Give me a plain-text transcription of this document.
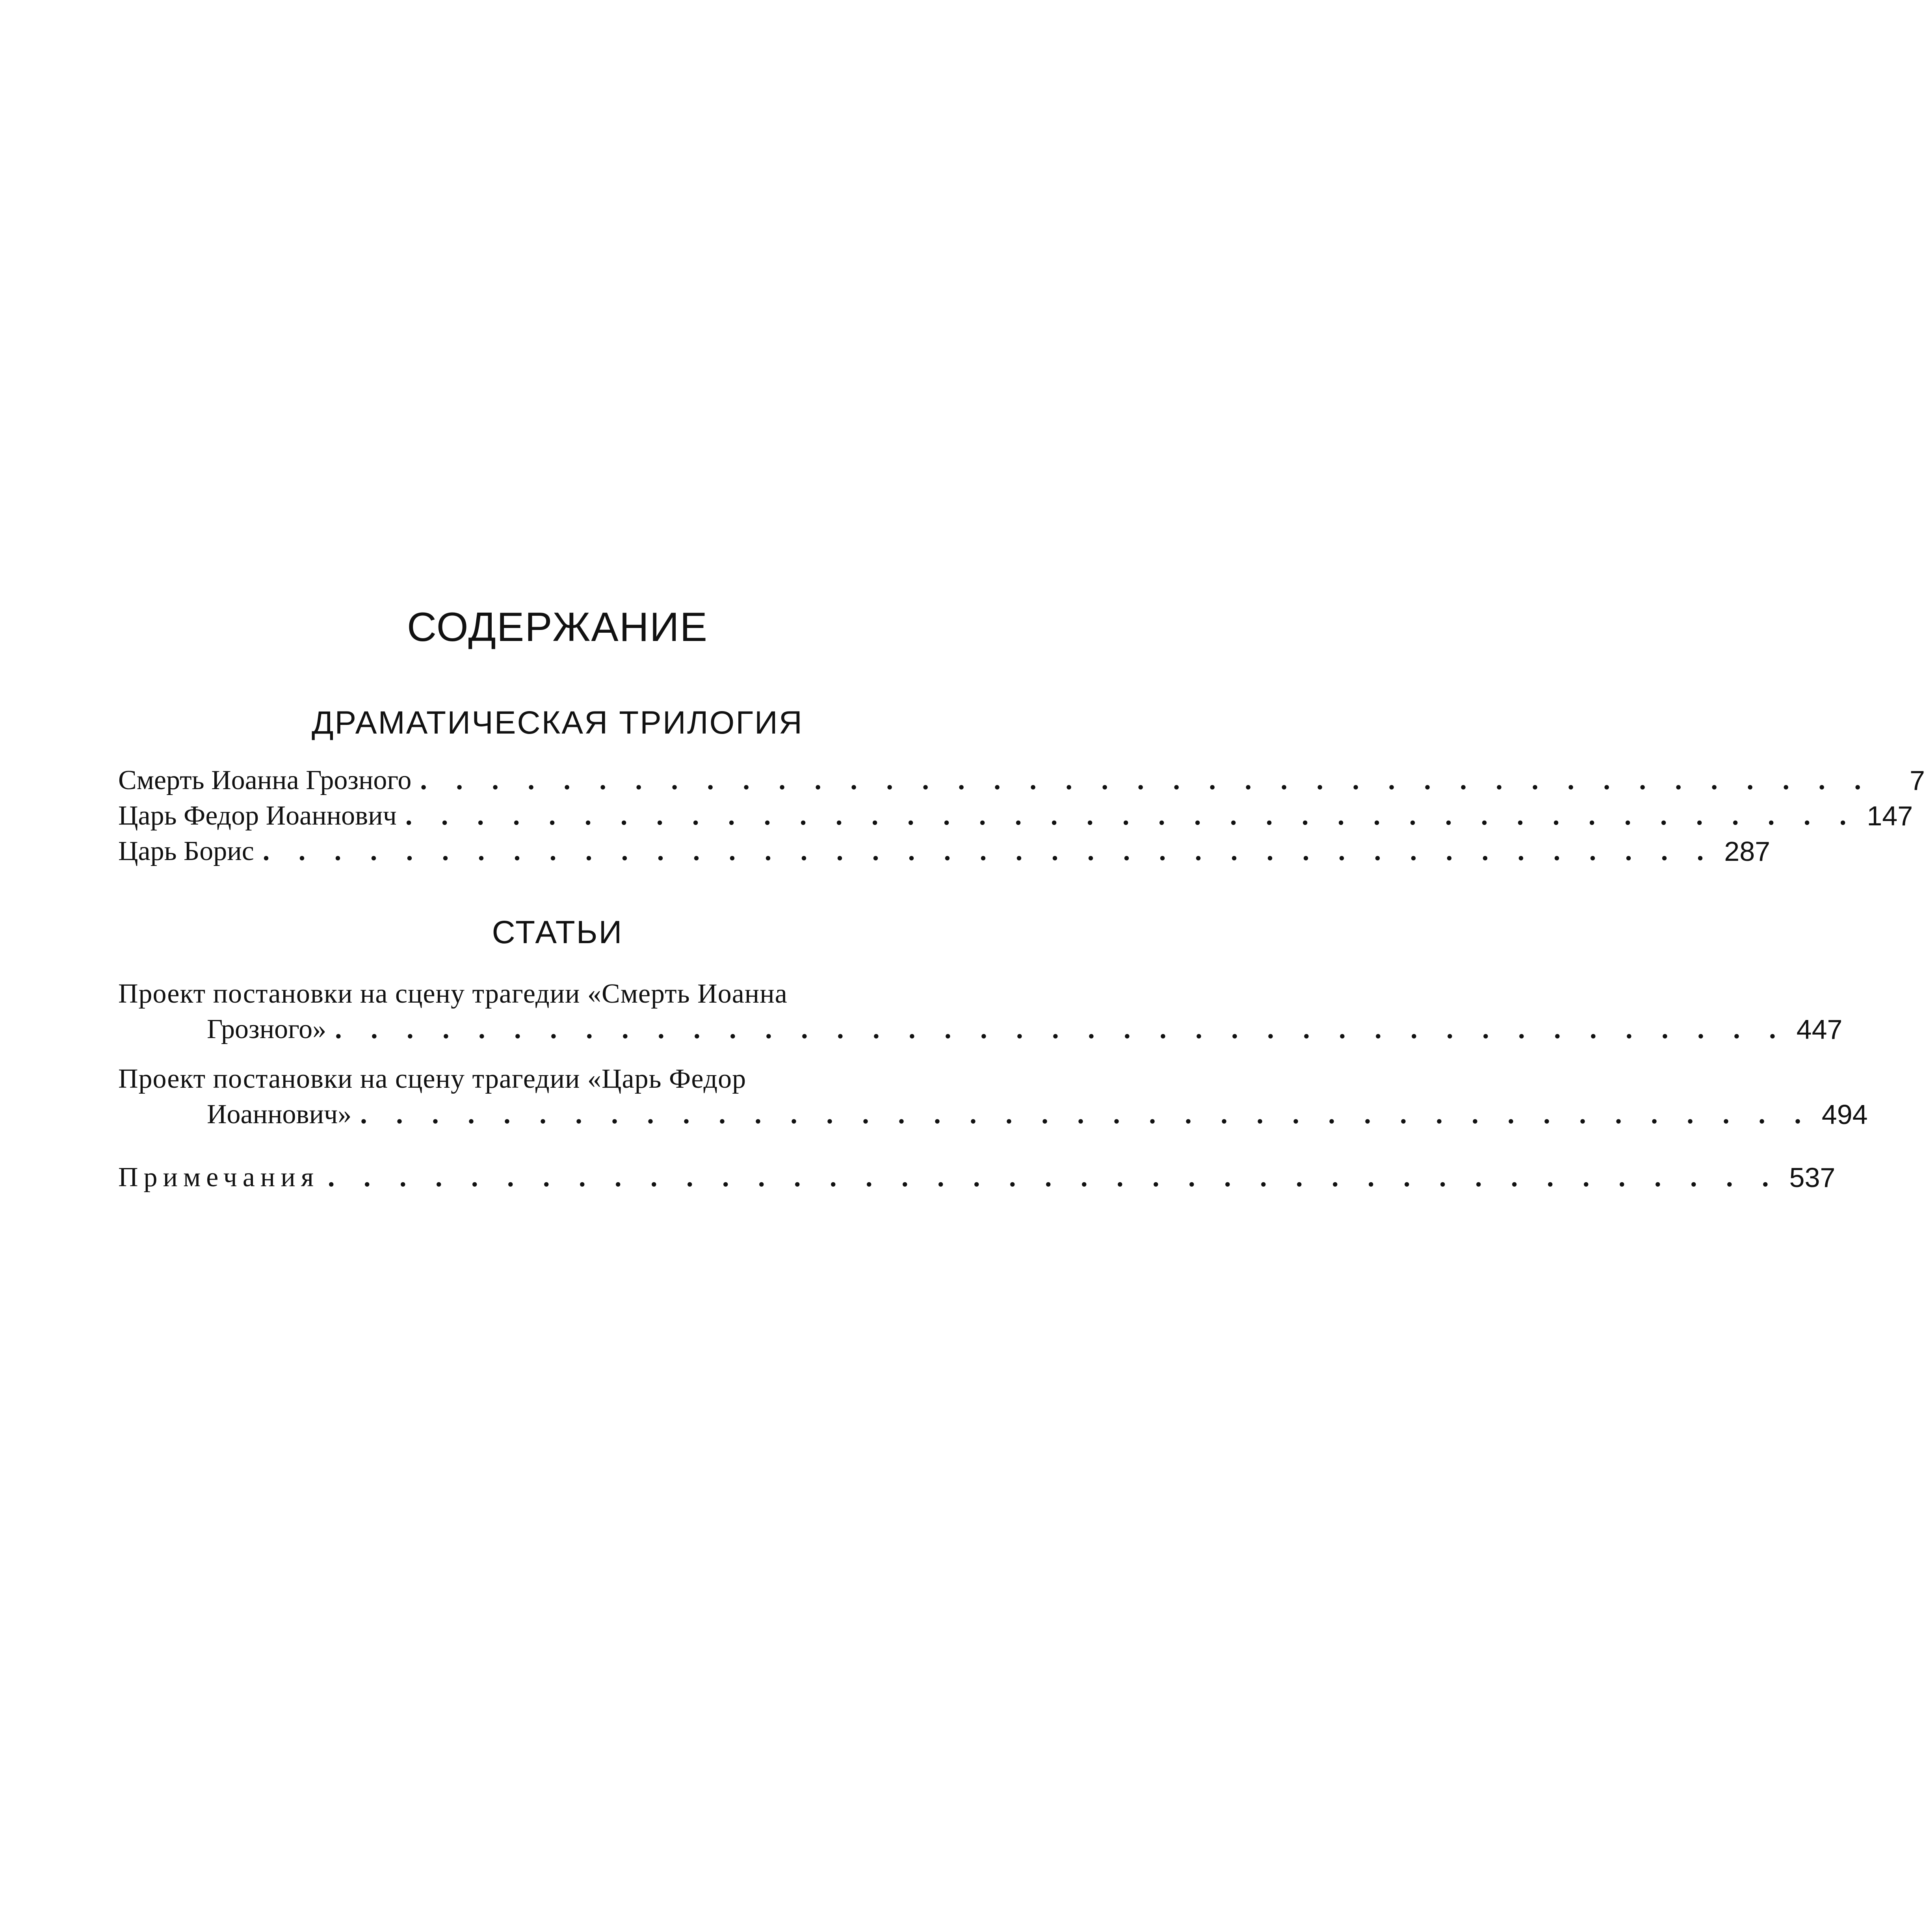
СОДЕРЖАНИЕ
ДРАМАТИЧЕСКАЯ ТРИЛОГИЯ
Смерть Иоанна Грозного . . . . . . . . . . . . . . . . . . . . . . . . . . . . . . . . . . . . . . . . .	7
Царь Федор Иоаннович . . . . . . . . . . . . . . . . . . . . . . . . . . . . . . . . . . . . . . . . . 147
Царь Борис . . . . . . . . . . . . . . . . . . . . . . . . . . . . . . . . . . . . . . . . . 287
СТАТЬИ
Проект постановки на сцену трагедии «Смерть Иоанна
Грозного» . . . . . . . . . . . . . . . . . . . . . . . . . . . . . . . . . . . . . . . . . 447
Проект постановки на сцену трагедии «Царь Федор
Иоаннович» . . . . . . . . . . . . . . . . . . . . . . . . . . . . . . . . . . . . . . . . . 494
Примечания . . . . . . . . . . . . . . . . . . . . . . . . . . . . . . . . . . . . . . . . . 537
